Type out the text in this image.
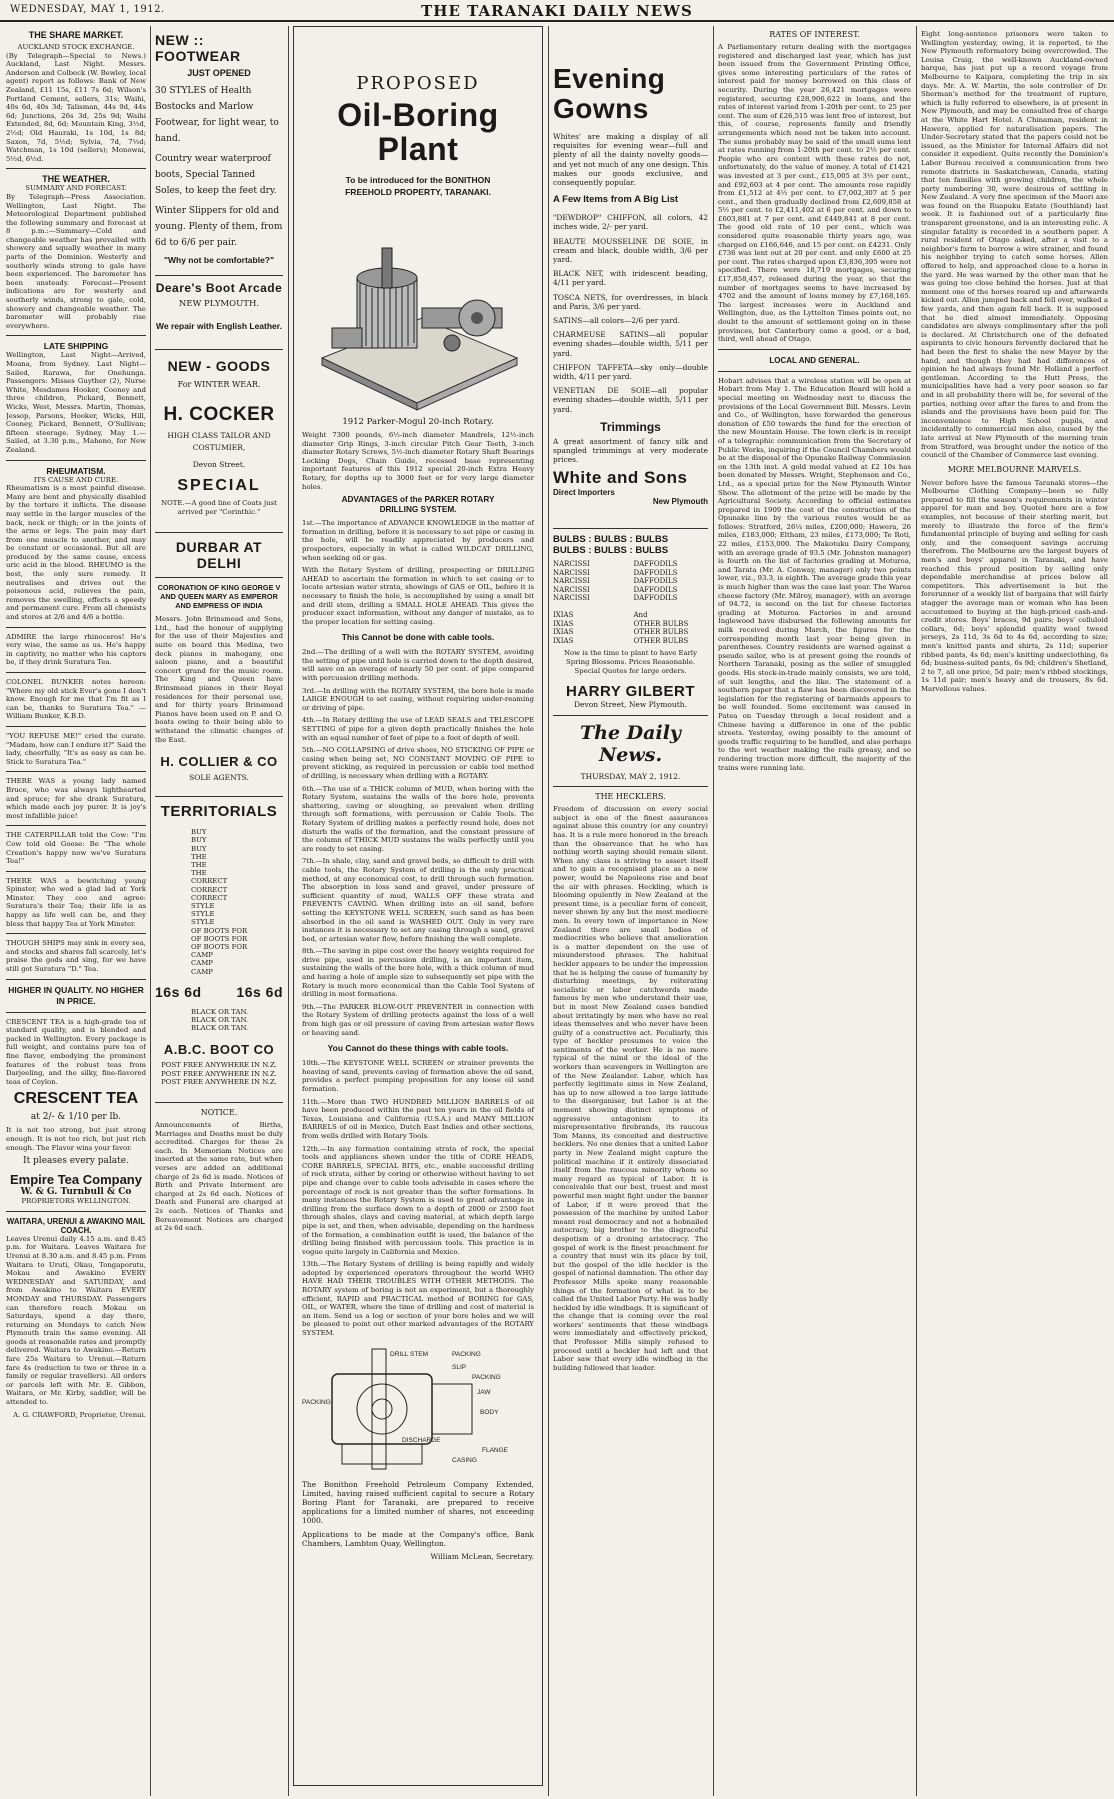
WEDNESDAY, MAY 1, 1912.	THE TARANAKI DAILY NEWS
THE SHARE MARKET.
AUCKLAND STOCK EXCHANGE.

(By Telegraph—Special to News.) Auckland, Last Night. Messrs. Anderson and Colbeck (W. Bewley, local agent) report as follows: Bank of New Zealand, £11 15s, £11 7s 6d; Wilson's Portland Cement, sellers, 31s; Waihi, 40s 6d, 40s 3d; Talisman, 44s 9d, 44s 6d; Junctions, 26s 3d, 25s 9d; Waihi Extended, 8d, 6d; Mountain King, 3½d, 2½d; Old Hauraki, 1s 10d, 1s 8d; Saxon, 7d, 5½d; Sylvia, 7d, 7½d; Watchman, 1s 10d (sellers); Monowai, 5½d, 6½d.

THE WEATHER.
SUMMARY AND FORECAST.

By Telegraph—Press Association. Wellington, Last Night. The Meteorological Department published the following summary and forecast at 8 p.m.:—Summary—Cold and changeable weather has prevailed with showery and squally weather in many parts of the Dominion. Westerly and southerly winds strong to gale have been experienced. The barometer has been unsteady. Forecast—Present indications are for westerly and southerly winds, strong to gale, cold, showery and changeable weather. The barometer will probably rise everywhere.

LATE SHIPPING

Wellington, Last Night—Arrived, Moana, from Sydney. Last Night—Sailed, Rarawa, for Onehunga. Passengers: Misses Guyther (2), Nurse White, Mesdames Hooker, Cooney and three children, Pickard, Bennett, Wicks, West, Messrs. Martin, Thomas, Jessop, Parsons, Hooker, Wicks, Hill, Cooney, Pickard, Bennett, O'Sullivan; fifteen steerage. Sydney, May 1.—Sailed, at 3.30 p.m., Maheno, for New Zealand.

RHEUMATISM.
ITS CAUSE AND CURE.

Rheumatism is a most painful disease. Many are bent and physically disabled by the torture it inflicts. The disease may settle in the larger muscles of the back, neck or thigh; or in the joints of the arms or legs. The pain may dart from one muscle to another, and may be constant or occasional. But all are produced by the same cause, excess uric acid in the blood. RHEUMO is the best, the only sure remedy. It neutralises and drives out the poisonous acid, relieves the pain, removes the swelling, effects a speedy and permanent cure. From all chemists and stores at 2/6 and 4/6 a bottle.

ADMIRE the large rhinoceros! He's very wise, the same as us. He's happy in captivity, no matter who his captors be, if they drink Suratura Tea.

COLONEL BUNKER notes hereon: "Where my old stick Ever's gone I don't know. Enough for me that I'm fit as I can be, thanks to Suratura Tea." —William Bunker, K.B.D.

"YOU REFUSE ME!" cried the curate. "Madam, how can I endure it?" Said the lady, cheerfully, "It's as easy as can be. Stick to Suratura Tea."

THERE WAS a young lady named Bruce, who was always lighthearted and spruce; for she drank Suratura, which made each joy purer. It is joy's most infallible juice!

THE CATERPILLAR told the Cow: "I'm Cow told old Goose: Be "The whole Creation's happy now we've Suratura Tea!"

THERE WAS a bewitching young Spinster, who wed a glad lad at York Minster. They coo and agree: Suratura's their Tea; their life is as happy as life well can be, and they bless that happy Tea at York Minster.

THOUGH SHIPS may sink in every sea, and stocks and shares fall scarcely, let's praise the gods and sing, for we have still got Suratura "D." Tea.

HIGHER IN QUALITY. NO HIGHER IN PRICE.

CRESCENT TEA is a high-grade tea of standard quality, and is blended and packed in Wellington. Every package is full weight, and contains pure tea of fine flavor, embodying the prominent features of the robust teas from Darjeeling, and the silky, fine-flavored teas of Ceylon.

CRESCENT TEA
at 2/- & 1/10 per lb.

It is not too strong, but just strong enough. It is not too rich, but just rich enough. The Flavor wins your favor.

It pleases every palate.
Empire Tea Company
W. & G. Turnbull & Co
PROPRIETORS WELLINGTON.
WAITARA, URENUI & AWAKINO MAIL COACH.

Leaves Urenui daily 4.15 a.m. and 8.45 p.m. for Waitara. Leaves Waitara for Urenui at 8.30 a.m. and 8.45 p.m. From Waitara to Uruti, Okau, Tongaporutu, Mokau and Awakino EVERY WEDNESDAY and SATURDAY, and from Awakino to Waitara EVERY MONDAY and THURSDAY. Passengers can therefore reach Mokau on Saturdays, spend a day there, returning on Mondays to catch New Plymouth train the same evening. All goods at reasonable rates and promptly delivered. Waitara to Awakino.—Return fare 25s Waitara to Urenui.—Return fare 4s (reduction to two or three in a family or regular travellers). All orders or parcels left with Mr. E. Gibbon, Waitara, or Mr. Kirby, saddler, will be attended to.

A. G. CRAWFORD, Proprietor, Urenui.
NEW :: FOOTWEAR
JUST OPENED

30 STYLES of Health Bostocks and Marlow Footwear, for light wear, to hand.

Country wear waterproof boots, Special Tanned Soles, to keep the feet dry.

Winter Slippers for old and young. Plenty of them, from 6d to 6/6 per pair.

"Why not be comfortable?"
Deare's Boot Arcade
NEW PLYMOUTH.
We repair with English Leather.
NEW - GOODS
For WINTER WEAR.
H. COCKER
HIGH CLASS TAILOR AND COSTUMIER,
Devon Street.
SPECIAL

NOTE.—A good line of Coats just arrived per "Corinthic."

DURBAR AT DELHI
CORONATION OF KING GEORGE V AND QUEEN MARY AS EMPEROR AND EMPRESS OF INDIA

Messrs. John Brinsmead and Sons, Ltd., had the honour of supplying for the use of their Majesties and suite on board this Medina, two deck pianos in mahogany, one saloon piano, and a beautiful concert grand for the music room. The King and Queen have Brinsmead pianos in their Royal residences for their personal use, and for thirty years Brinsmead Pianos have been used on P. and O. boats owing to their being able to withstand the climatic changes of the East.

H. COLLIER & CO
SOLE AGENTS.
TERRITORIALS
BUY
BUY
BUY
THE
THE
THE
CORRECT
CORRECT
CORRECT
STYLE
STYLE
STYLE
OF BOOTS FOR
OF BOOTS FOR
OF BOOTS FOR
CAMP
CAMP
CAMP
16s 6d 16s 6d
BLACK OR TAN.
BLACK OR TAN.
BLACK OR TAN.
A.B.C. BOOT CO
POST FREE ANYWHERE IN N.Z.
POST FREE ANYWHERE IN N.Z.
POST FREE ANYWHERE IN N.Z.
NOTICE.

Announcements of Births, Marriages and Deaths must be duly accredited. Charges for these 2s each. In Memoriam Notices are inserted at the same rate, but when verses are added an additional charge of 2s 6d is made. Notices of Birth and Private Interment are charged at 2s 6d each. Notices of Death and Funeral are charged at 2s each. Notices of Thanks and Bereavement Notices are charged at 2s 6d each.

PROPOSED
Oil-Boring Plant
To be introduced for the BONITHON FREEHOLD PROPERTY, TARANAKI.
1912 Parker-Mogul 20-inch Rotary.

Weight 7300 pounds, 6½-inch diameter Mandrels, 12½-inch diameter Grip Rings, 3-inch circular Pitch Gear Teeth, 3-inch diameter Rotary Screws, 5½-inch diameter Rotary Shaft Bearings Locking Dogs, Chain Guide, recessed base representing important features of this 1912 special 20-inch Extra Heavy Rotary, for depths up to 3000 feet or for very large diameter holes.

ADVANTAGES of the PARKER ROTARY DRILLING SYSTEM.

1st.—The importance of ADVANCE KNOWLEDGE in the matter of formation in drilling, before it is necessary to set pipe or casing in the hole, will be readily appreciated by producers and prospectors, especially in what is called WILDCAT DRILLING, when seeking oil or gas.

With the Rotary System of drilling, prospecting or DRILLING AHEAD to ascertain the formation in which to set casing or to locate artesian water strata, showings of GAS or OIL, before it is necessary to finish the hole, is accomplished by using a small bit and drill stem, drilling a SMALL HOLE AHEAD. This gives the producer exact information, without any danger of mistake, as to the proper location for setting casing.

This Cannot be done with cable tools.

2nd.—The drilling of a well with the ROTARY SYSTEM, avoiding the setting of pipe until hole is carried down to the depth desired, will save on an average of nearly 50 per cent. of pipe compared with percussion drilling methods.

3rd.—In drilling with the ROTARY SYSTEM, the bore hole is made LARGE ENOUGH to set casing, without requiring under-reaming or driving of pipe.

4th.—In Rotary drilling the use of LEAD SEALS and TELESCOPE SETTING of pipe for a given depth practically finishes the hole with an equal number of feet of pipe to a foot of depth of well.

5th.—NO COLLAPSING of drive shoes, NO STICKING OF PIPE or casing when being set, NO CONSTANT MOVING OF PIPE to prevent sticking, as required in percussion or cable tool method of drilling, is necessary when drilling with a ROTARY.

6th.—The use of a THICK column of MUD, when boring with the Rotary System, sustains the walls of the bore hole, prevents shattering, caving or sloughing, so prevalent when drilling through soft formations, with percussion or Cable Tools. The Rotary System of drilling makes a perfectly round hole, does not disturb the walls of the formation, and the constant pressure of the column of THICK MUD sustains the walls perfectly until you are ready to set casing.

7th.—In shale, clay, sand and gravel beds, so difficult to drill with cable tools, the Rotary System of drilling is the only practical method, at any economical cost, to drill through such formation. The absorption in loss sand and gravel, under pressure of sufficient quantity of mud, WALLS OFF these strata and PREVENTS CAVING. When drilling into an oil sand, before setting the KEYSTONE WELL SCREEN, such sand as has been absorbed in the oil sand is WASHED OUT. Only in very rare instances it is necessary to set any casing through a sand, gravel bed, or artesian water flow, before finishing the well complete.

8th.—The saving in pipe cost over the heavy weights required for drive pipe, used in percussion drilling, is an important item, sustaining the walls of the bore hole, with a thick column of mud and having a hole of ample size to subsequently set pipe with the Rotary is much more economical than the Cable Tool System of drilling in most formations.

9th.—The PARKER BLOW-OUT PREVENTER in connection with the Rotary System of drilling protects against the loss of a well from high gas or oil pressure of caving from artesian water flows or heaving sand.

You Cannot do these things with cable tools.

10th.—The KEYSTONE WELL SCREEN or strainer prevents the heaving of sand, prevents caving of formation above the oil sand, provides a perfect pumping proposition for any loose oil sand formation.

11th.—More than TWO HUNDRED MILLION BARRELS of oil have been produced within the past ten years in the oil fields of Texas, Louisiana and California (U.S.A.) and MANY MILLION BARRELS of oil in Mexico, Dutch East Indies and other sections, from wells drilled with Rotary Tools.

12th.—In any formation containing strata of rock, the special tools and appliances shown under the title of CORE HEADS, CORE BARRELS, SPECIAL BITS, etc., enable successful drilling of rock strata, either by coring or otherwise without having to set pipe and change over to cable tools advisable in cases where the percentage of rock is not greater than the softer formations. In many instances the Rotary System is used to great advantage in drilling from the surface down to a depth of 2000 or 2500 feet through shales, clays and caving material, at which depth large pipe is set, and then, when advisable, depending on the hardness of the formation, a combination outfit is used, the balance of the drilling being finished with percussion tools. This practice is in vogue quite largely in California and Mexico.

13th.—The Rotary System of drilling is being rapidly and widely adopted by experienced operators throughout the world WHO HAVE HAD THEIR TROUBLES WITH OTHER METHODS. The ROTARY system of boring is not an experiment, but a thoroughly efficient, RAPID and PRACTICAL method of BORING for GAS, OIL, or WATER, where the time of drilling and cost of material is an item. Send us a log or section of your bore holes and we will be pleased to point out other marked advantages of the ROTARY SYSTEM.

DRILL STEM	PACKING
SLIP
PACKING
JAW
BODY
PACKING
DISCHARGE
CASING
FLANGE

The Bonithon Freehold Petroleum Company Extended, Limited, having raised sufficient capital to secure a Rotary Boring Plant for Taranaki, are prepared to receive applications for a limited number of shares, not exceeding 1000.

Applications to be made at the Company's office, Bank Chambers, Lambton Quay, Wellington.

William McLean, Secretary.
Evening Gowns

Whites' are making a display of all requisites for evening wear—full and plenty of all the dainty novelty goods—and yet not much of any one design. This makes our goods exclusive, and consequently popular.

A Few Items from A Big List

"DEWDROP" CHIFFON, all colors, 42 inches wide, 2/- per yard.

BEAUTE MOUSSELINE DE SOIE, in cream and black, double width, 3/6 per yard.

BLACK NET, with iridescent beading, 4/11 per yard.

TOSCA NETS, for overdresses, in black and Paris, 3/6 per yard.

SATINS—all colors—2/6 per yard.

CHARMEUSE SATINS—all popular evening shades—double width, 5/11 per yard.

CHIFFON TAFFETA—sky only—double width, 4/11 per yard.

VENETIAN DE SOIE—all popular evening shades—double width, 5/11 per yard.

Trimmings

A great assortment of fancy silk and spangled trimmings at very moderate prices.

White and Sons
Direct Importers
New Plymouth
BULBS : BULBS : BULBS
BULBS : BULBS : BULBS
NARCISSI	DAFFODILS
NARCISSI	DAFFODILS
NARCISSI	DAFFODILS
NARCISSI	DAFFODILS
NARCISSI	DAFFODILS

IXIAS	And
IXIAS	OTHER BULBS
IXIAS	OTHER BULBS
IXIAS	OTHER BULBS

Now is the time to plant to have Early Spring Blossoms. Prices Reasonable. Special Quotes for large orders.

HARRY GILBERT
Devon Street, New Plymouth.
The Daily News.
THURSDAY, MAY 2, 1912.
THE HECKLERS.

Freedom of discussion on every social subject is one of the finest assurances against abuse this country (or any country) has. It is a rule more honored in the breach than the observance that he who has nothing worth saying should remain silent. When any class is striving to assert itself and to gain a recognised place as a new power, would be Napoleons rise and beat the air with phrases. Heckling, which is blooming opulently in New Zealand at the present time, is a peculiar form of conceit, never shown by any but the most mediocre men. In every town of importance in New Zealand there are small bodies of mediocrities who believe that amelioration is a matter dependent on the use of misunderstood phrases. The habitual heckler appears to be under the impression that he is helping the cause of humanity by disturbing meetings, by reiterating socialistic or labor catchwords made famous by men who understand their use, but in most New Zealand cases bandied about irritatingly by men who have no real ideas themselves and who never have been guilty of a constructive act. Peculiarly, this type of heckler presumes to voice the sentiments of the worker. He is no more typical of the mind or the ideal of the workers than scavengers in Wellington are of the New Zealander. Labor, which has perfectly legitimate aims in New Zealand, has up to now allowed a too large latitude to the disorganiser, but Labor is at the moment showing distinct symptoms of aggressive antagonism to its misrepresentative firebrands, its raucous Tom Manns, its conceited and destructive hecklers. No one denies that a united Labor party in New Zealand might capture the political machine if it entirely dissociated itself from the raucous minority whom so many regard as typical of Labor. It is conceivable that our best, truest and most powerful men might fight under the banner of Labor, if it were proved that the possession of the machine by united Labor meant real democracy and not a hobnailed autocracy, big brother to the disgraceful despotism of a droning aristocracy. The gospel of work is the finest preachment for a country that must win its place by toil, but the gospel of the idle heckler is the gospel of national damnation. The other day Professor Mills spoke many reasonable things of the formation of what is to be called the United Labor Party. He was badly heckled by idle windbags. It is significant of the change that is coming over the real workers' sentiments that these windbags were immediately and effectively pricked, that Professor Mills simply refused to proceed until a heckler had left and that Labor saw that every idle windbag in the building followed that leader.

RATES OF INTEREST.

A Parliamentary return dealing with the mortgages registered and discharged last year, which has just been issued from the Government Printing Office, gives some interesting particulars of the rates of interest paid for money borrowed on this class of security. During the year 26,421 mortgages were registered, securing £28,906,622 in loans, and the rates of interest varied from 1-20th per cent. to 25 per cent. The sum of £26,515 was lent free of interest, but this, of course, represents family and friendly arrangements which need not be taken into account. The sums probably may be said of the small sums lent at rates running from 1-20th per cent. to 2½ per cent. People who are content with these rates do not, unfortunately, do the value of money. A total of £1421 was invested at 3 per cent., £15,005 at 3½ per cent., and £92,603 at 4 per cent. The amounts rose rapidly from £1,512 at 4½ per cent. to £7,002,307 at 5 per cent., and then gradually declined from £2,609,858 at 5½ per cent. to £2,411,402 at 6 per cent. and down to £603,881 at 7 per cent. and £449,841 at 8 per cent. The good old rate of 10 per cent., which was considered quite reasonable thirty years ago, was charged on £166,646, and 15 per cent. on £4231. Only £736 was lent out at 20 per cent. and only £600 at 25 per cent. The rates charged upon £3,836,395 were not specified. There were 18,719 mortgages, securing £17,858,457, released during the year, so that the number of mortgages seems to have increased by 4702 and the amount of loans money by £7,168,165. The largest increases were in Auckland and Wellington, due, as the Lyttelton Times points out, no doubt to the amount of settlement going on in these provinces, but Canterbury came a good, or a bad, third, well ahead of Otago.

LOCAL AND GENERAL.

Hobart advises that a wireless station will be open at Hobart from May 1. The Education Board will hold a special meeting on Wednesday next to discuss the provisions of the Local Government Bill. Messrs. Levin and Co., of Wellington, have forwarded the generous donation of £50 towards the fund for the erection of the new Mountain House. The town clerk is in receipt of a telegraphic communication from the Secretary of Public Works, inquiring if the Council Chambers would be at the disposal of the Opunake Railway Commission on the 13th inst. A gold medal valued at £2 10s has been donated by Messrs. Wright, Stephenson and Co., Ltd., as a special prize for the New Plymouth Winter Show. The allotment of the prize will be made by the Agricultural Society. According to official estimates prepared in 1909 the cost of the construction of the Opunake line by the various routes would be as follows: Stratford, 26¼ miles, £200,000; Hawera, 26 miles, £183,000; Eltham, 23 miles, £173,000; Te Roti, 22 miles, £153,000. The Makotuku Dairy Company, with an average grade of 93.5 (Mr. Johnston manager) is fourth on the list of factories grading at Moturoa, and Tarata (Mr. A. Conway, manager) only two points lower, viz., 93.3, is eighth. The average grade this year is much higher than was the case last year. The Warea cheese factory (Mr. Milroy, manager), with an average of 94.72, is second on the list for cheese factories grading at Moturoa. Factories in and around Inglewood have disbursed the following amounts for milk received during March, the figures for the corresponding month last year being given in parentheses. Country residents are warned against a pseudo sailor, who is at present going the rounds of Northern Taranaki, posing as the seller of smuggled goods. His stock-in-trade mainly consists, we are told, of suit lengths, and the like. The statement of a southern paper that a flaw has been discovered in the legislation for the registering of barmaids appears to be well founded. Some excitement was caused in Patea on Tuesday through a local resident and a Chinese having a difference in one of the public streets. Yesterday, owing possibly to the amount of goods traffic requiring to be handled, and also perhaps to the wet weather making the rails greasy, and so rendering traction more difficult, the majority of the trains were running late.

Eight long-sentence prisoners were taken to Wellington yesterday, owing, it is reported, to the New Plymouth reformatory being overcrowded. The Louisa Craig, the well-known Auckland-owned barque, has just put up a record voyage from Melbourne to Kaipara, completing the trip in six days. Mr. A. W. Martin, the sole controller of Dr. Sherman's method for the treatment of rupture, which is fully referred to elsewhere, is at present in New Plymouth, and may be consulted free of charge at the White Hart Hotel. A Chinaman, resident in Hawera, applied for naturalisation papers. The Under-Secretary stated that the papers could not be issued, as the Minister for Internal Affairs did not consider it expedient. Quite recently the Dominion's Labor Bureau received a communication from two remote districts in Saskatchewan, Canada, stating that ten families with growing children, the whole party numbering 30, were desirous of settling in New Zealand. A very fine specimen of the Maori axe was found on the Ruapuku Estate (Southland) last week. It is fashioned out of a particularly fine transparent greenstone, and is an interesting relic. A singular fatality is recorded in a southern paper. A rural resident of Otago asked, after a visit to a neighbor's farm to borrow a wire strainer, and found his neighbor trying to catch some horses. Allen offered to help, and approached close to a horse in the yard. He was warned by the other man that he was going too close behind the horses. Just at that moment one of the horses reared up and afterwards kicked out. Allen jumped back and fell over, walked a few yards, and then again fell back. It is supposed that he died almost immediately. Opposing candidates are always complimentary after the poll is declared. At Christchurch one of the defeated aspirants to civic honours fervently declared that he had been the first to shake the new Mayor by the hand, and though they had had differences of opinion he had always found Mr. Holland a perfect gentleman. According to the Hutt Press, the municipalities have had a very poor season so far and in all probability there will be, for several of the parties, nothing over after the fares to and from the islands and the provisions have been paid for. The inconvenience to High School pupils, and incidentally to commercial men also, caused by the late arrival at New Plymouth of the morning train from Stratford, was brought under the notice of the council of the Chamber of Commerce last evening.

MORE MELBOURNE MARVELS.

Never before have the famous Taranaki stores—the Melbourne Clothing Company—been so fully prepared to fill the season's requirements in winter apparel for man and boy. Quoted here are a few examples, not because of their sterling merit, but merely to illustrate the force of the firm's fundamental principle of buying and selling for cash only, and the consequent savings accruing therefrom. The Melbourne are the largest buyers of men's and boys' apparel in Taranaki, and have reached this proud position by selling only dependable merchandise at prices below all competitors. This advertisement is but the forerunner of a weekly list of bargains that will fairly stagger the average man or woman who has been accustomed to buying at the high-priced cash-and-credit stores. Boys' braces, 9d pairs; boys' celluloid collars, 6d; boys' splendid quality wool tweed jerseys, 2s 11d, 3s 6d to 4s 6d, according to size; men's knitted pants and shirts, 2s 11d; superior ribbed pants, 4s 6d; men's knitting underclothing, 6s 6d; business-suited pants, 6s 9d; children's Shetland, 2 to 7, all one price, 5d pair; men's ribbed stockings, 1s 11d pair; men's heavy and de trousers, 8s 6d. Marvellous values.
